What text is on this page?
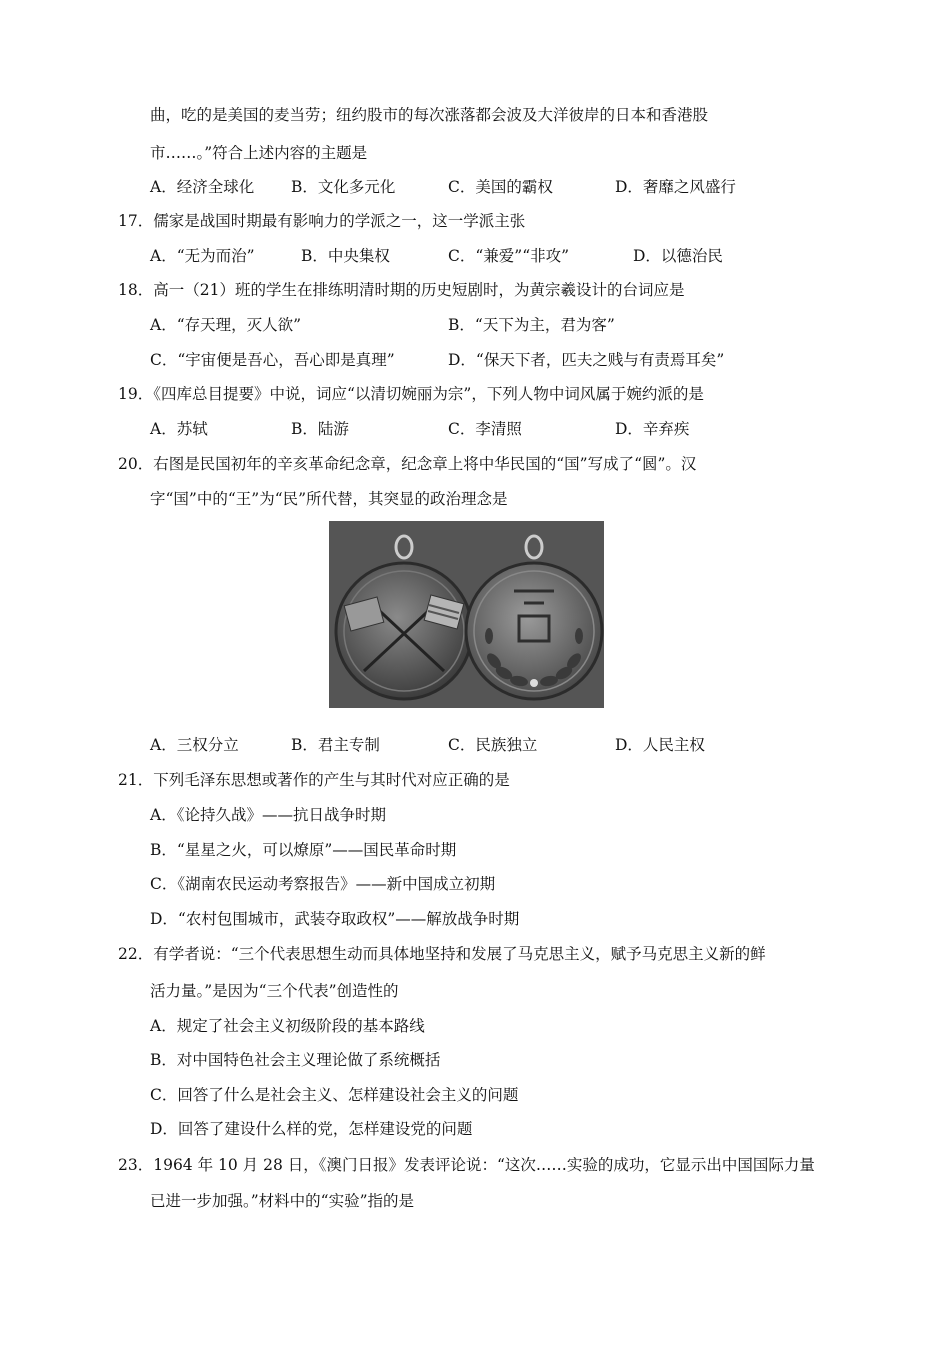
曲，吃的是美国的麦当劳；纽约股市的每次涨落都会波及大洋彼岸的日本和香港股
市……。”符合上述内容的主题是
A．经济全球化 B．文化多元化	C．美国的霸权	D．奢靡之风盛行
17．儒家是战国时期最有影响力的学派之一，这一学派主张
A．“无为而治”	B．中央集权	C．“兼爱”“非攻”	D．以德治民
18．高一（21）班的学生在排练明清时期的历史短剧时，为黄宗羲设计的台词应是
A．“存天理，灭人欲”	B．“天下为主，君为客”
C．“宇宙便是吾心，吾心即是真理”	D．“保天下者，匹夫之贱与有责焉耳矣”
19．《四库总目提要》中说，词应“以清切婉丽为宗”，下列人物中词风属于婉约派的是
A．苏轼	B．陆游	C．李清照	D．辛弃疾
20．右图是民国初年的辛亥革命纪念章，纪念章上将中华民国的“国”写成了“囻”。汉
字“国”中的“王”为“民”所代替，其突显的政治理念是
A．三权分立	B．君主专制	C．民族独立	D．人民主权
21．下列毛泽东思想或著作的产生与其时代对应正确的是
A．《论持久战》——抗日战争时期
B．“星星之火，可以燎原”——国民革命时期
C．《湖南农民运动考察报告》——新中国成立初期
D．“农村包围城市，武装夺取政权”——解放战争时期
22．有学者说：“三个代表思想生动而具体地坚持和发展了马克思主义，赋予马克思主义新的鲜
活力量。”是因为“三个代表”创造性的
A．规定了社会主义初级阶段的基本路线
B．对中国特色社会主义理论做了系统概括
C．回答了什么是社会主义、怎样建设社会主义的问题
D．回答了建设什么样的党，怎样建设党的问题
23．1964 年 10 月 28 日，《澳门日报》发表评论说：“这次……实验的成功，它显示出中国国际力量
已进一步加强。”材料中的“实验”指的是
